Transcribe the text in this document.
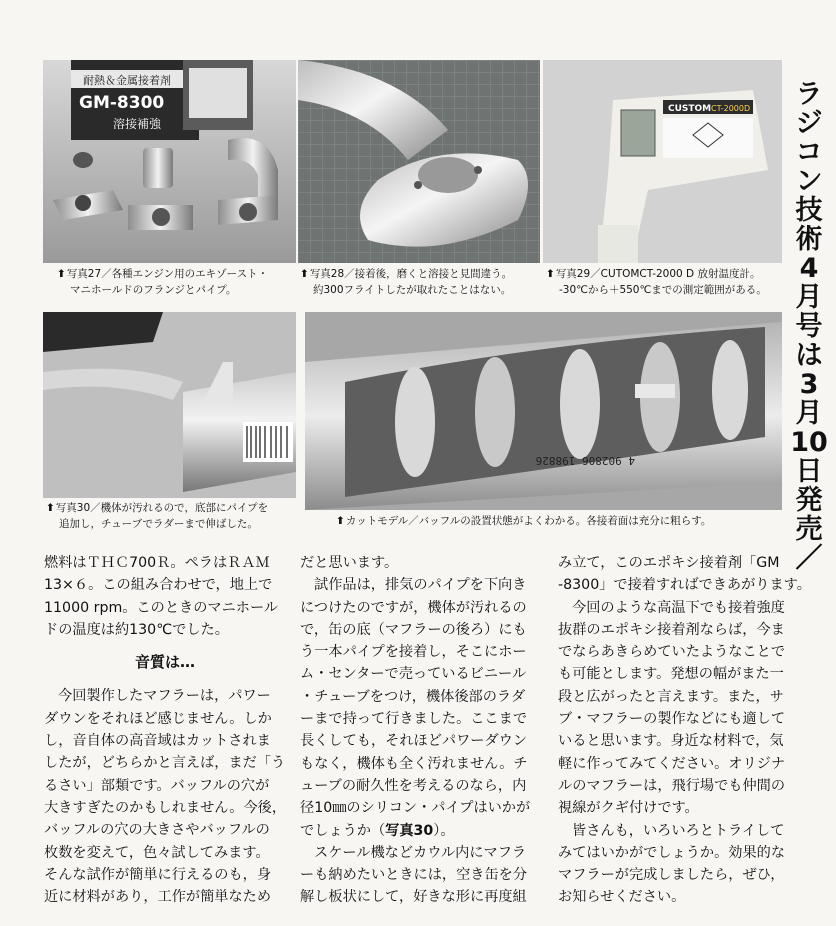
耐熱＆金属接着剤
GM-8300
溶接補強
CUSTOM CT-2000D
4 902806 198826
⬆写真27／各種エンジン用のエキゾースト・
マニホールドのフランジとパイプ。
⬆写真28／接着後，磨くと溶接と見間違う。
約300フライトしたが取れたことはない。
⬆写真29／CUTOMCT-2000 D 放射温度計。
-30℃から＋550℃までの測定範囲がある。
⬆写真30／機体が汚れるので，底部にパイプを
追加し，チューブでラダーまで伸ばした。	⬆カットモデル／バッフルの設置状態がよくわかる。各接着面は充分に粗らす。
ラ
ジ
コ
ン
技
術
4
月
号
は
3
月
10
日
発
売
／

燃料はＴＨＣ700Ｒ。ペラはＲＡＭ

13×６。この組み合わせで，地上で

11000 rpm。このときのマニホール

ドの温度は約130℃でした。

音質は…

今回製作したマフラーは，パワー

ダウンをそれほど感じません。しか

し，音自体の高音域はカットされま

したが，どちらかと言えば，まだ「う

るさい」部類です。バッフルの穴が

大きすぎたのかもしれません。今後，

バッフルの穴の大きさやバッフルの

枚数を変えて，色々試してみます。

そんな試作が簡単に行えるのも，身

近に材料があり，工作が簡単なため

だと思います。

試作品は，排気のパイプを下向き

につけたのですが，機体が汚れるの

で，缶の底（マフラーの後ろ）にも

う一本パイプを接着し，そこにホー

ム・センターで売っているビニール

・チューブをつけ，機体後部のラダ

ーまで持って行きました。ここまで

長くしても，それほどパワーダウン

もなく，機体も全く汚れません。チ

ューブの耐久性を考えるのなら，内

径10㎜のシリコン・パイプはいかが

でしょうか（写真30）。

スケール機などカウル内にマフラ

ーも納めたいときには，空き缶を分

解し板状にして，好きな形に再度組

み立て，このエポキシ接着剤「GM

-8300」で接着すればできあがります。

今回のような高温下でも接着強度

抜群のエポキシ接着剤ならば，今ま

でならあきらめていたようなことで

も可能とします。発想の幅がまた一

段と広がったと言えます。また，サ

ブ・マフラーの製作などにも適して

いると思います。身近な材料で，気

軽に作ってみてください。オリジナ

ルのマフラーは，飛行場でも仲間の

視線がクギ付けです。

皆さんも，いろいろとトライして

みてはいかがでしょうか。効果的な

マフラーが完成しましたら，ぜひ，

お知らせください。
